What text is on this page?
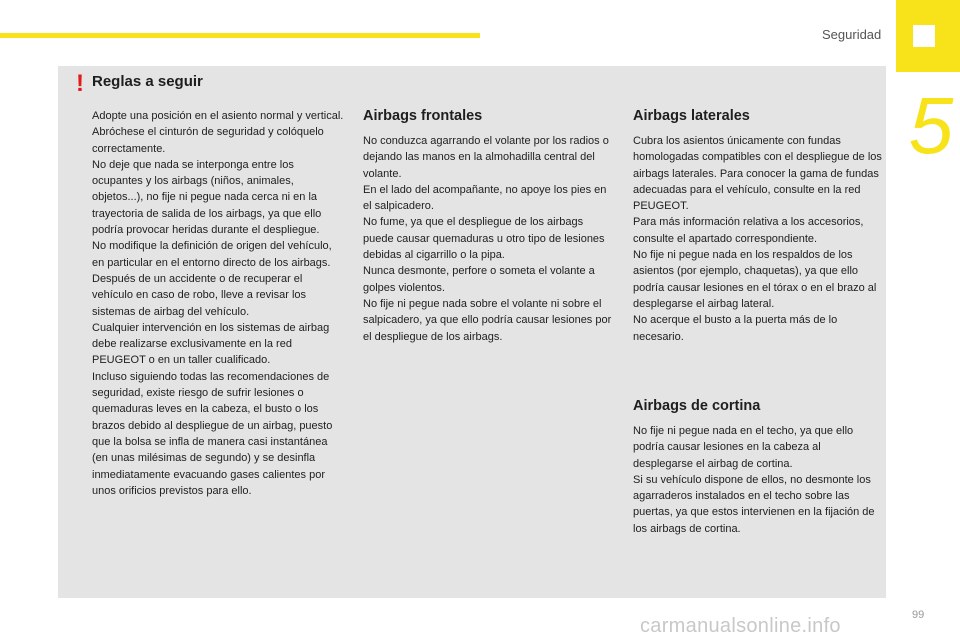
Seguridad
5
! Reglas a seguir

Adopte una posición en el asiento normal y vertical.

Abróchese el cinturón de seguridad y colóquelo correctamente.

No deje que nada se interponga entre los ocupantes y los airbags (niños, animales, objetos...), no fije ni pegue nada cerca ni en la trayectoria de salida de los airbags, ya que ello podría provocar heridas durante el despliegue.

No modifique la definición de origen del vehículo, en particular en el entorno directo de los airbags.

Después de un accidente o de recuperar el vehículo en caso de robo, lleve a revisar los sistemas de airbag del vehículo.

Cualquier intervención en los sistemas de airbag debe realizarse exclusivamente en la red PEUGEOT o en un taller cualificado.

Incluso siguiendo todas las recomendaciones de seguridad, existe riesgo de sufrir lesiones o quemaduras leves en la cabeza, el busto o los brazos debido al despliegue de un airbag, puesto que la bolsa se infla de manera casi instantánea (en unas milésimas de segundo) y se desinfla inmediatamente evacuando gases calientes por unos orificios previstos para ello.

Airbags frontales

No conduzca agarrando el volante por los radios o dejando las manos en la almohadilla central del volante.

En el lado del acompañante, no apoye los pies en el salpicadero.

No fume, ya que el despliegue de los airbags puede causar quemaduras u otro tipo de lesiones debidas al cigarrillo o la pipa.

Nunca desmonte, perfore o someta el volante a golpes violentos.

No fije ni pegue nada sobre el volante ni sobre el salpicadero, ya que ello podría causar lesiones por el despliegue de los airbags.

Airbags laterales

Cubra los asientos únicamente con fundas homologadas compatibles con el despliegue de los airbags laterales. Para conocer la gama de fundas adecuadas para el vehículo, consulte en la red PEUGEOT.

Para más información relativa a los accesorios, consulte el apartado correspondiente.

No fije ni pegue nada en los respaldos de los asientos (por ejemplo, chaquetas), ya que ello podría causar lesiones en el tórax o en el brazo al desplegarse el airbag lateral.

No acerque el busto a la puerta más de lo necesario.

Airbags de cortina

No fije ni pegue nada en el techo, ya que ello podría causar lesiones en la cabeza al desplegarse el airbag de cortina.

Si su vehículo dispone de ellos, no desmonte los agarraderos instalados en el techo sobre las puertas, ya que estos intervienen en la fijación de los airbags de cortina.

carmanualsonline.info	99
